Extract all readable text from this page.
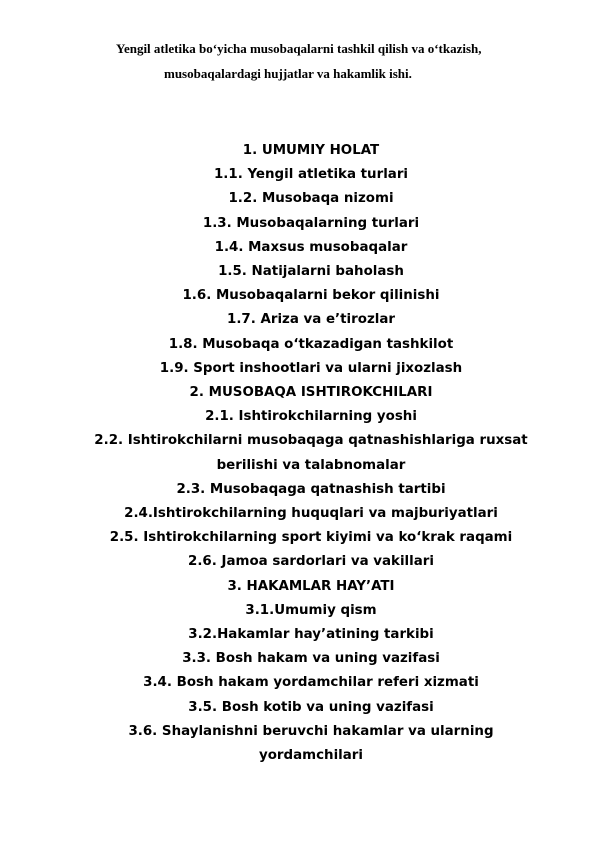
Yengil atletika bo‘yicha musobaqalarni tashkil qilish va o‘tkazish,
musobaqalardagi hujjatlar va hakamlik ishi.
1. UMUMIY HOLAT
1.1. Yengil atletika turlari
1.2. Musobaqa nizomi
1.3. Musobaqalarning turlari
1.4. Maxsus musobaqalar
1.5. Natijalarni baholash
1.6. Musobaqalarni bekor qilinishi
1.7. Ariza va e’tirozlar
1.8. Musobaqa o‘tkazadigan tashkilot
1.9. Sport inshootlari va ularni jixozlash
2. MUSOBAQA ISHTIROKCHILARI
2.1. Ishtirokchilarning yoshi
2.2. Ishtirokchilarni musobaqaga qatnashishlariga ruxsat
berilishi va talabnomalar
2.3. Musobaqaga qatnashish tartibi
2.4.Ishtirokchilarning huquqlari va majburiyatlari
2.5. Ishtirokchilarning sport kiyimi va ko‘krak raqami
2.6. Jamoa sardorlari va vakillari
3. HAKAMLAR HAY’ATI
3.1.Umumiy qism
3.2.Hakamlar hay’atining tarkibi
3.3. Bosh hakam va uning vazifasi
3.4. Bosh hakam yordamchilar referi xizmati
3.5. Bosh kotib va uning vazifasi
3.6. Shaylanishni beruvchi hakamlar va ularning
yordamchilari
